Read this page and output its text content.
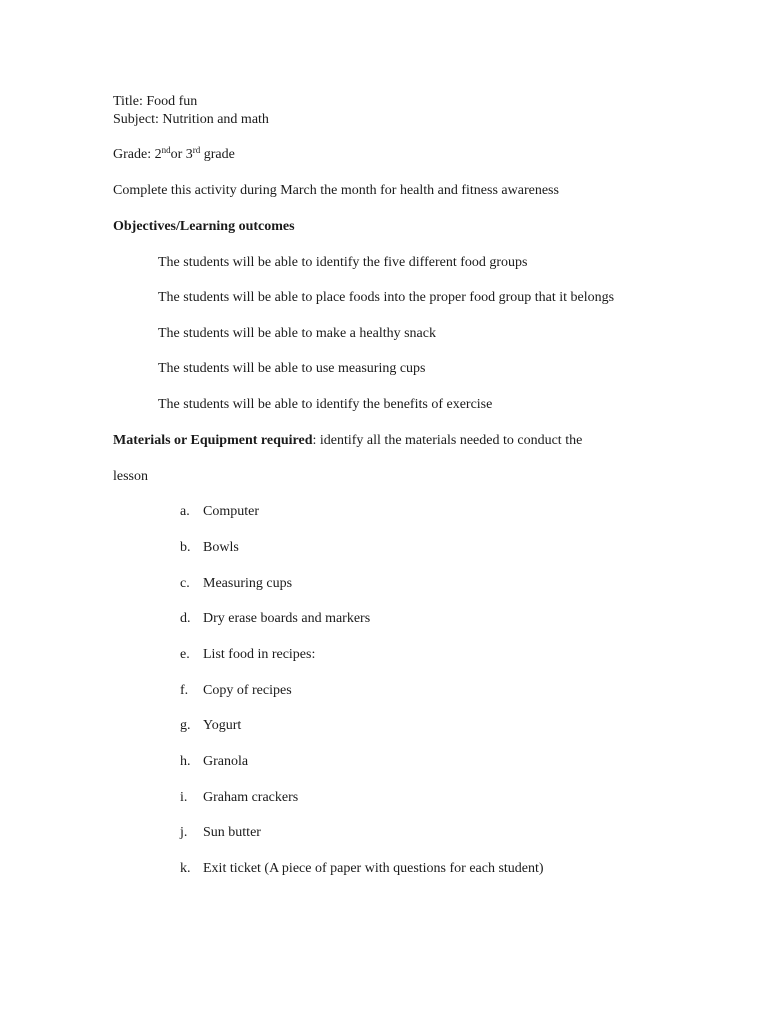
Title: Food fun
Subject: Nutrition and math
Grade: 2ndor 3rd grade
Complete this activity during March the month for health and fitness awareness
Objectives/Learning outcomes
The students will be able to identify the five different food groups
The students will be able to place foods into the proper food group that it belongs
The students will be able to make a healthy snack
The students will be able to use measuring cups
The students will be able to identify the benefits of exercise
Materials or Equipment required: identify all the materials needed to conduct the
lesson
a. Computer
b. Bowls
c. Measuring cups
d. Dry erase boards and markers
e. List food in recipes:
f. Copy of recipes
g. Yogurt
h. Granola
i. Graham crackers
j. Sun butter
k. Exit ticket (A piece of paper with questions for each student)
